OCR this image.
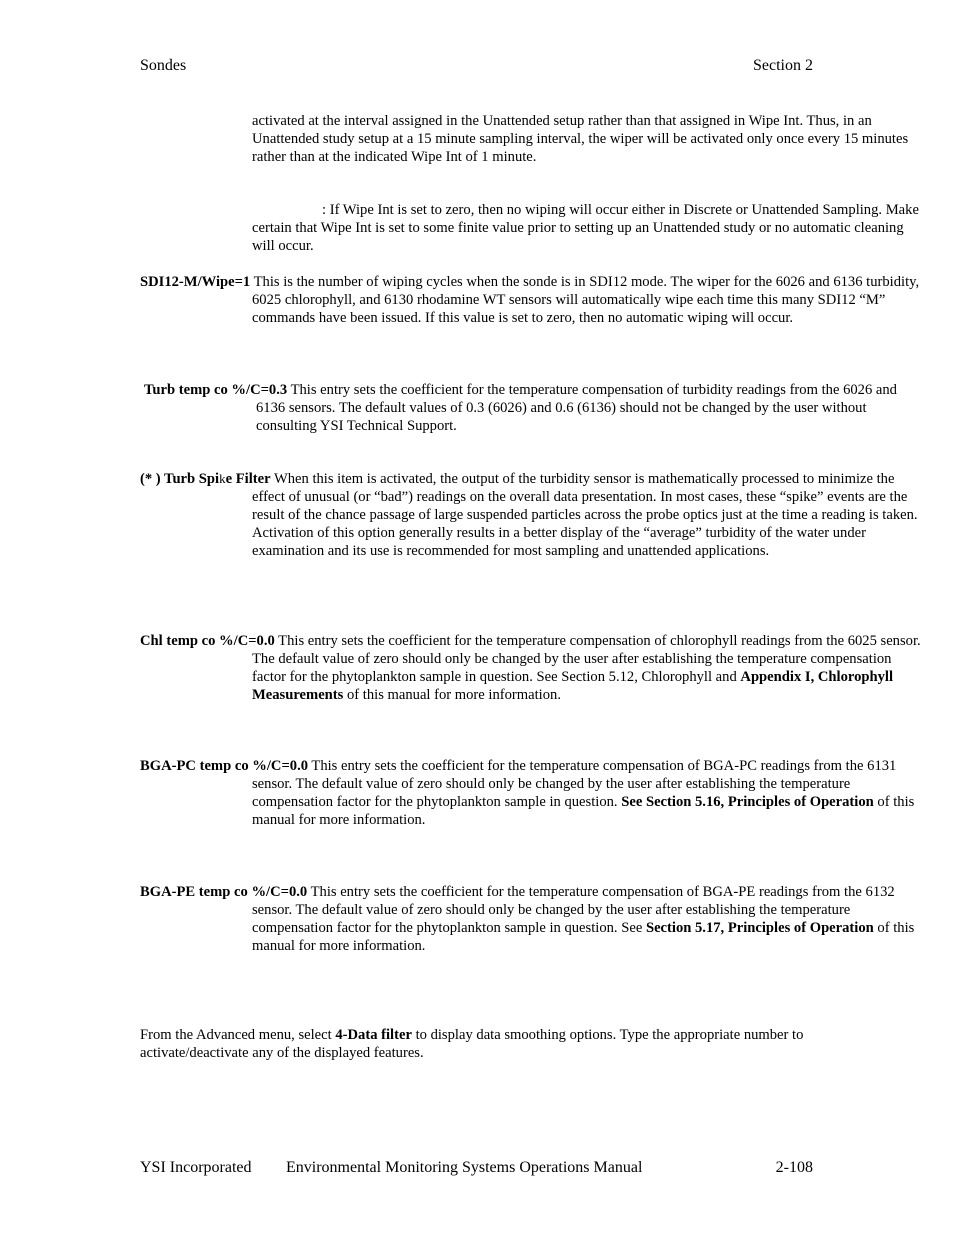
Sondes	Section 2
activated at the interval assigned in the Unattended setup rather than that assigned in Wipe Int. Thus, in an Unattended study setup at a 15 minute sampling interval, the wiper will be activated only once every 15 minutes rather than at the indicated Wipe Int of 1 minute.
: If Wipe Int is set to zero, then no wiping will occur either in Discrete or Unattended Sampling. Make certain that Wipe Int is set to some finite value prior to setting up an Unattended study or no automatic cleaning will occur.
SDI12-M/Wipe=1 This is the number of wiping cycles when the sonde is in SDI12 mode. The wiper for the 6026 and 6136 turbidity, 6025 chlorophyll, and 6130 rhodamine WT sensors will automatically wipe each time this many SDI12 “M” commands have been issued. If this value is set to zero, then no automatic wiping will occur.
Turb temp co %/C=0.3 This entry sets the coefficient for the temperature compensation of turbidity readings from the 6026 and 6136 sensors. The default values of 0.3 (6026) and 0.6 (6136) should not be changed by the user without consulting YSI Technical Support.
(* ) Turb Spike Filter When this item is activated, the output of the turbidity sensor is mathematically processed to minimize the effect of unusual (or “bad”) readings on the overall data presentation. In most cases, these “spike” events are the result of the chance passage of large suspended particles across the probe optics just at the time a reading is taken. Activation of this option generally results in a better display of the “average” turbidity of the water under examination and its use is recommended for most sampling and unattended applications.
Chl temp co %/C=0.0 This entry sets the coefficient for the temperature compensation of chlorophyll readings from the 6025 sensor. The default value of zero should only be changed by the user after establishing the temperature compensation factor for the phytoplankton sample in question. See Section 5.12, Chlorophyll and Appendix I, Chlorophyll Measurements of this manual for more information.
BGA-PC temp co %/C=0.0 This entry sets the coefficient for the temperature compensation of BGA-PC readings from the 6131 sensor. The default value of zero should only be changed by the user after establishing the temperature compensation factor for the phytoplankton sample in question. See Section 5.16, Principles of Operation of this manual for more information.
BGA-PE temp co %/C=0.0 This entry sets the coefficient for the temperature compensation of BGA-PE readings from the 6132 sensor. The default value of zero should only be changed by the user after establishing the temperature compensation factor for the phytoplankton sample in question. See Section 5.17, Principles of Operation of this manual for more information.
From the Advanced menu, select 4-Data filter to display data smoothing options. Type the appropriate number to activate/deactivate any of the displayed features.
YSI Incorporated Environmental Monitoring Systems Operations Manual	2-108
